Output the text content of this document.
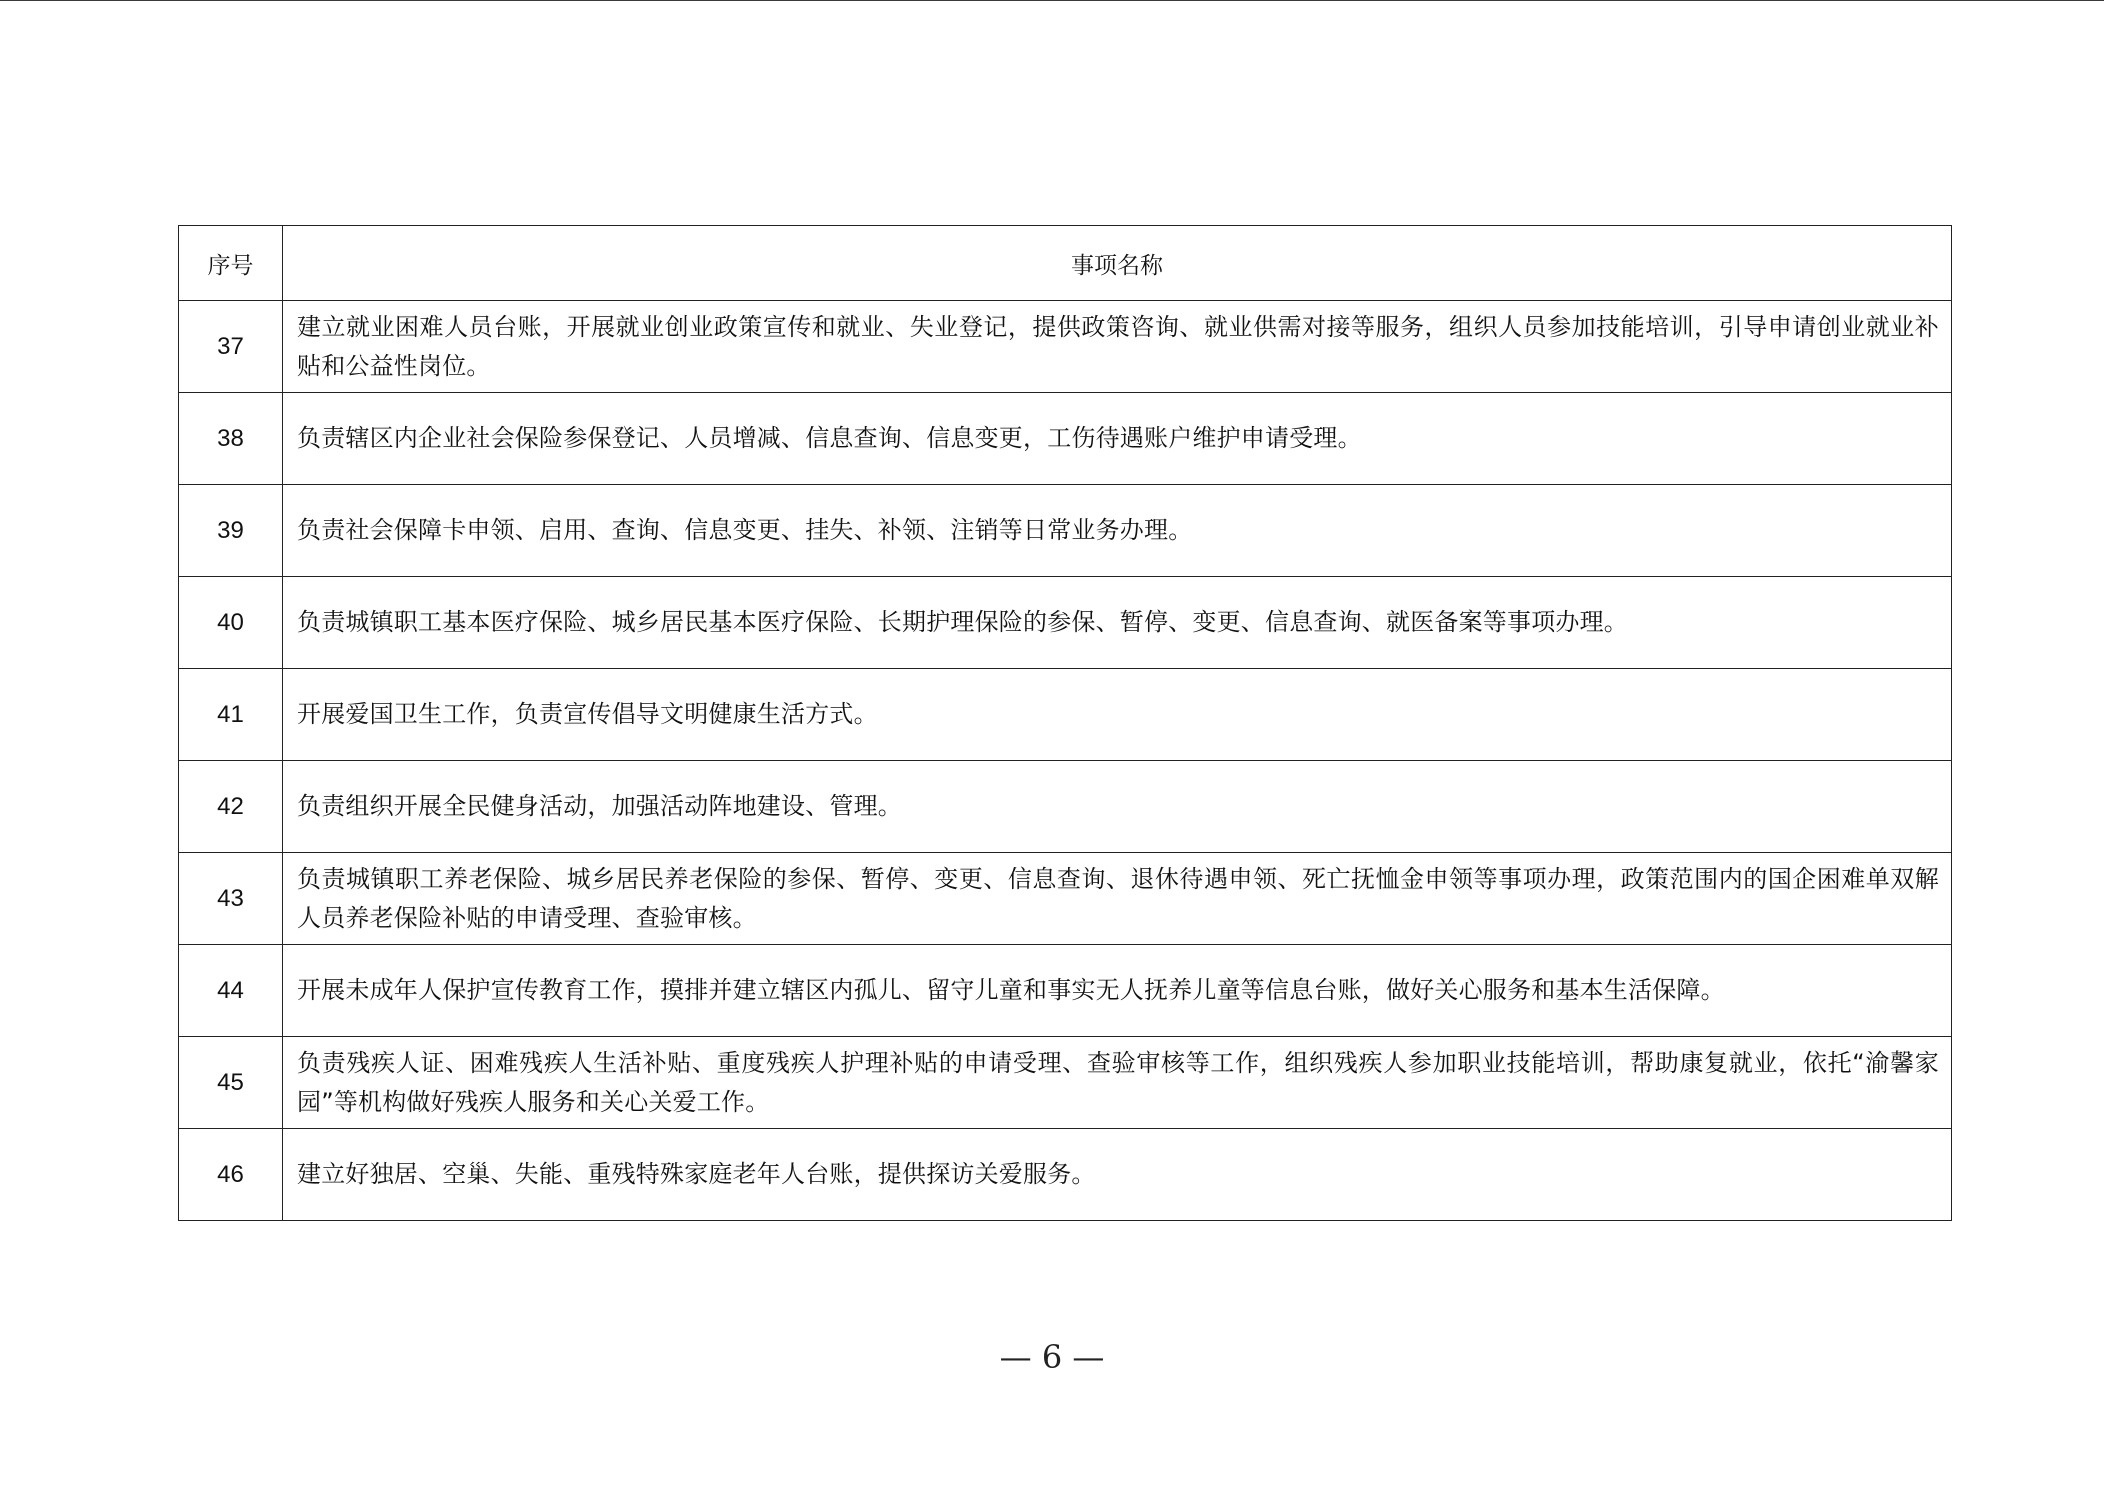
序号	事项名称
37	建立就业困难人员台账，开展就业创业政策宣传和就业、失业登记，提供政策咨询、就业供需对接等服务，组织人员参加技能培训，引导申请创业就业补贴和公益性岗位。
38	负责辖区内企业社会保险参保登记、人员增减、信息查询、信息变更，工伤待遇账户维护申请受理。
39	负责社会保障卡申领、启用、查询、信息变更、挂失、补领、注销等日常业务办理。
40	负责城镇职工基本医疗保险、城乡居民基本医疗保险、长期护理保险的参保、暂停、变更、信息查询、就医备案等事项办理。
41	开展爱国卫生工作，负责宣传倡导文明健康生活方式。
42	负责组织开展全民健身活动，加强活动阵地建设、管理。
43	负责城镇职工养老保险、城乡居民养老保险的参保、暂停、变更、信息查询、退休待遇申领、死亡抚恤金申领等事项办理，政策范围内的国企困难单双解人员养老保险补贴的申请受理、查验审核。
44	开展未成年人保护宣传教育工作，摸排并建立辖区内孤儿、留守儿童和事实无人抚养儿童等信息台账，做好关心服务和基本生活保障。
45	负责残疾人证、困难残疾人生活补贴、重度残疾人护理补贴的申请受理、查验审核等工作，组织残疾人参加职业技能培训，帮助康复就业，依托“渝馨家园”等机构做好残疾人服务和关心关爱工作。
46	建立好独居、空巢、失能、重残特殊家庭老年人台账，提供探访关爱服务。
— 6 —
